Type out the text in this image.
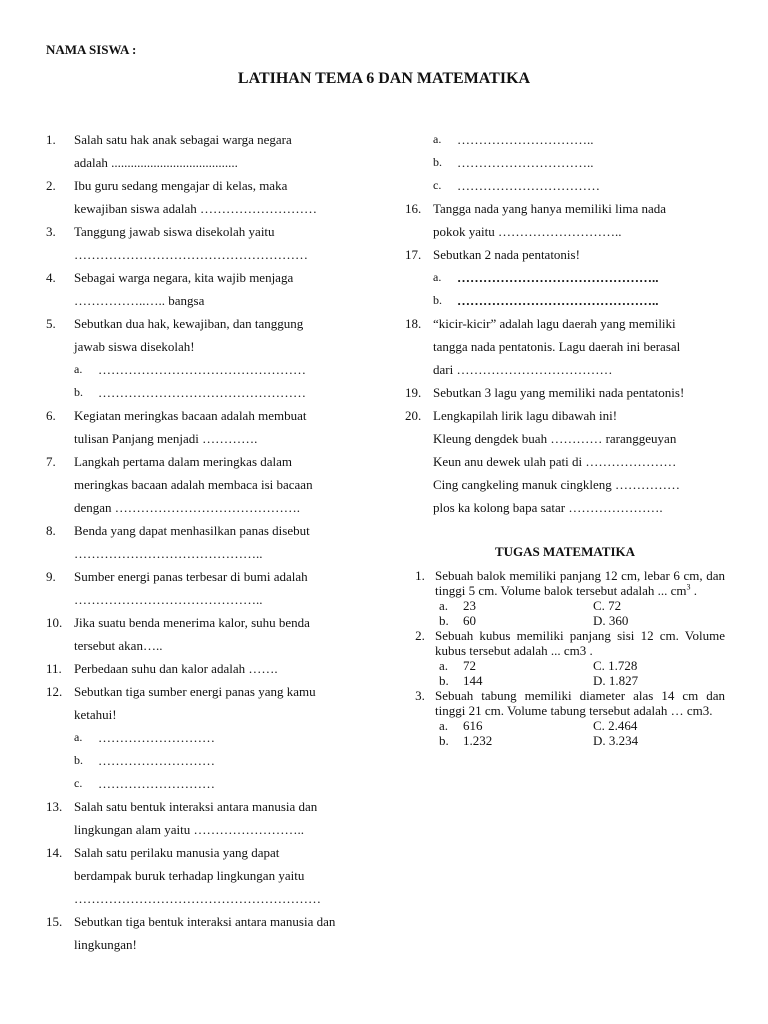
NAMA SISWA :
LATIHAN TEMA 6 DAN MATEMATIKA
1.	Salah satu hak anak sebagai warga negara
adalah .......................................
2.	Ibu guru sedang mengajar di kelas, maka
kewajiban siswa adalah ………………………
3.	Tanggung jawab siswa disekolah yaitu
………………………………………………
4.	Sebagai warga negara, kita wajib menjaga
……………..….. bangsa
5.	Sebutkan dua hak, kewajiban, dan tanggung
jawab siswa disekolah!
a.	…………………………………………
b.	…………………………………………
6.	Kegiatan meringkas bacaan adalah membuat
tulisan Panjang menjadi ………….
7.	Langkah pertama dalam meringkas dalam
meringkas bacaan adalah membaca isi bacaan
dengan …………………………………….
8.	Benda yang dapat menhasilkan panas disebut
……………………………………..
9.	Sumber energi panas terbesar di bumi adalah
……………………………………..
10. Jika suatu benda menerima kalor, suhu benda
tersebut akan…..
11. Perbedaan suhu dan kalor adalah …….
12. Sebutkan tiga sumber energi panas yang kamu
ketahui!
a.	………………………
b.	………………………
c.	………………………
13. Salah satu bentuk interaksi antara manusia dan
lingkungan alam yaitu ……………………..
14. Salah satu perilaku manusia yang dapat
berdampak buruk terhadap lingkungan yaitu
…………………………………………………
15. Sebutkan tiga bentuk interaksi antara manusia dan
lingkungan!
a.	…………………………..
b.	…………………………..
c.	……………………………
16. Tangga nada yang hanya memiliki lima nada
pokok yaitu ………………………..
17. Sebutkan 2 nada pentatonis!
a.	………………………………………..
b.	………………………………………..
18. “kicir-kicir” adalah lagu daerah yang memiliki
tangga nada pentatonis. Lagu daerah ini berasal
dari ………………………………
19. Sebutkan 3 lagu yang memiliki nada pentatonis!
20. Lengkapilah lirik lagu dibawah ini!
Kleung dengdek buah ………… raranggeuyan
Keun anu dewek ulah pati di …………………
Cing cangkeling manuk cingkleng ……………
plos ka kolong bapa satar ………………….
TUGAS MATEMATIKA
1. Sebuah balok memiliki panjang 12 cm, lebar 6 cm, dan tinggi 5 cm. Volume balok tersebut adalah ... $cm^3$ .
a.	23	C. 72
b.	60	D. 360
2. Sebuah kubus memiliki panjang sisi 12 cm. Volume kubus tersebut adalah ... cm3 .
a.	72	C. 1.728
b.	144	D. 1.827
3. Sebuah tabung memiliki diameter alas 14 cm dan tinggi 21 cm. Volume tabung tersebut adalah … cm3.
a.	616	C. 2.464
b.	1.232	D. 3.234
